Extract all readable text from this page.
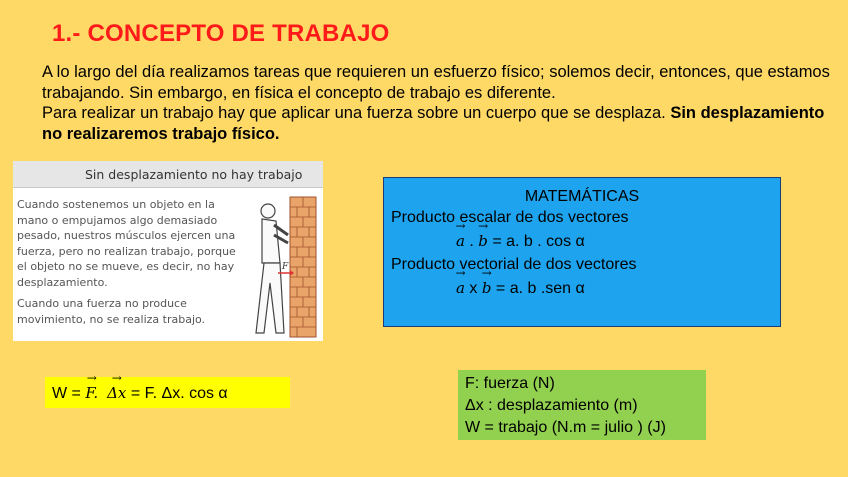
1.- CONCEPTO DE TRABAJO

A lo largo del día realizamos tareas que requieren un esfuerzo físico; solemos decir, entonces, que estamos trabajando. Sin embargo, en física el concepto de trabajo es diferente.

Para realizar un trabajo hay que aplicar una fuerza sobre un cuerpo que se desplaza. Sin desplazamiento no realizaremos trabajo físico.

Sin desplazamiento no hay trabajo

Cuando sostenemos un objeto en la mano o empujamos algo demasiado pesado, nuestros músculos ejercen una fuerza, pero no realizan trabajo, porque el objeto no se mueve, es decir, no hay desplazamiento.

Cuando una fuerza no produce movimiento, no se realiza trabajo.

F
MATEMÁTICAS
Producto escalar de dos vectores
→ a . → b = a. b . cos α
Producto vectorial de dos vectores
→ a x → b = a. b .sen α
W = → F.  → Δx = F. Δx. cos α
F: fuerza (N)
Δx : desplazamiento (m)
W = trabajo (N.m = julio ) (J)
